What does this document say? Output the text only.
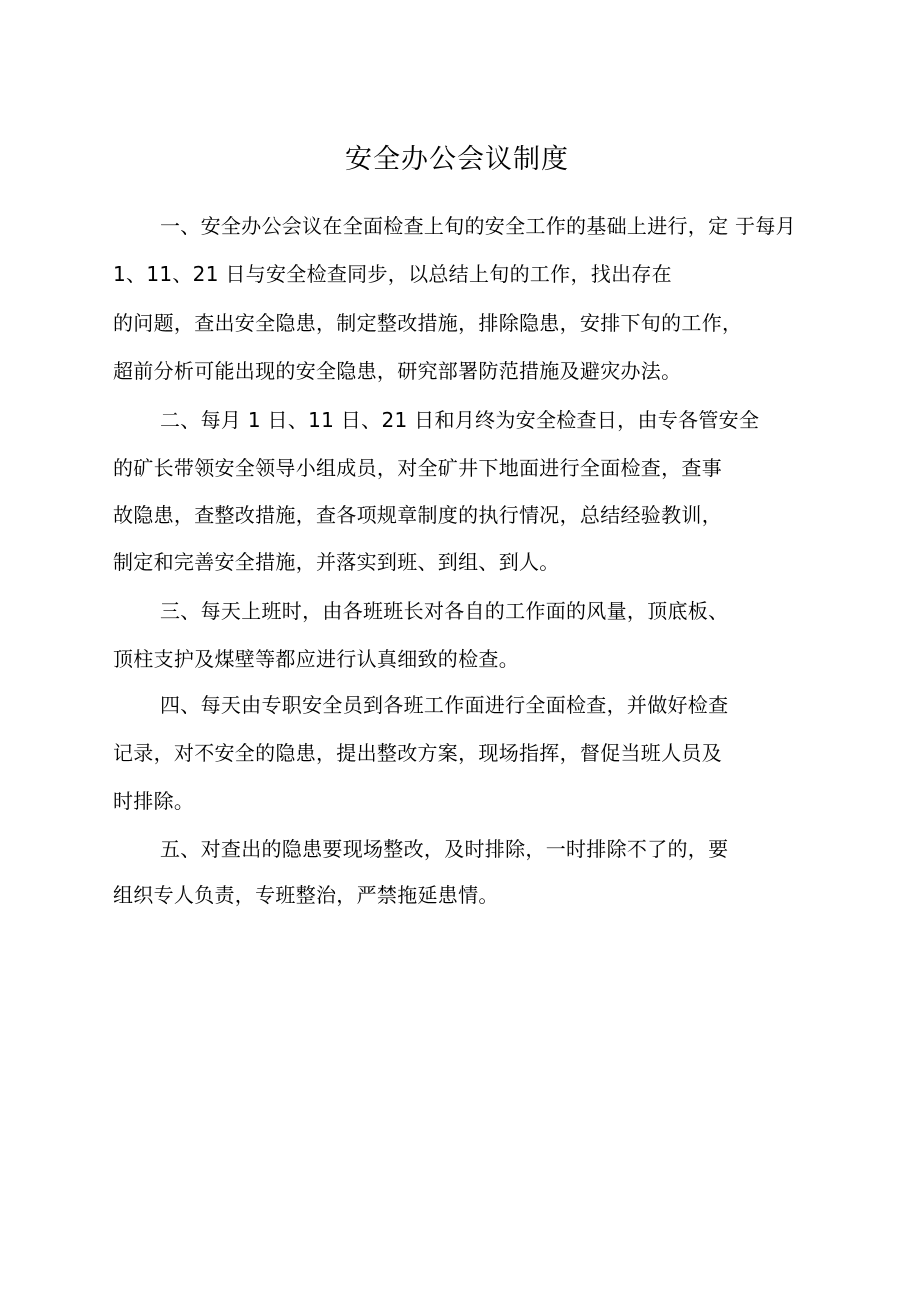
安全办公会议制度
一、安全办公会议在全面检查上旬的安全工作的基础上进行，定 于每月
1、11、21 日与安全检查同步，以总结上旬的工作，找出存在
的问题，查出安全隐患，制定整改措施，排除隐患，安排下旬的工作，
超前分析可能出现的安全隐患，研究部署防范措施及避灾办法。
二、每月 1 日、11 日、21 日和月终为安全检查日，由专各管安全
的矿长带领安全领导小组成员，对全矿井下地面进行全面检查，查事
故隐患，查整改措施，查各项规章制度的执行情况，总结经验教训，
制定和完善安全措施，并落实到班、到组、到人。
三、每天上班时，由各班班长对各自的工作面的风量，顶底板、
顶柱支护及煤壁等都应进行认真细致的检查。
四、每天由专职安全员到各班工作面进行全面检查，并做好检查
记录，对不安全的隐患，提出整改方案，现场指挥，督促当班人员及
时排除。
五、对查出的隐患要现场整改，及时排除，一时排除不了的，要
组织专人负责，专班整治，严禁拖延患情。
